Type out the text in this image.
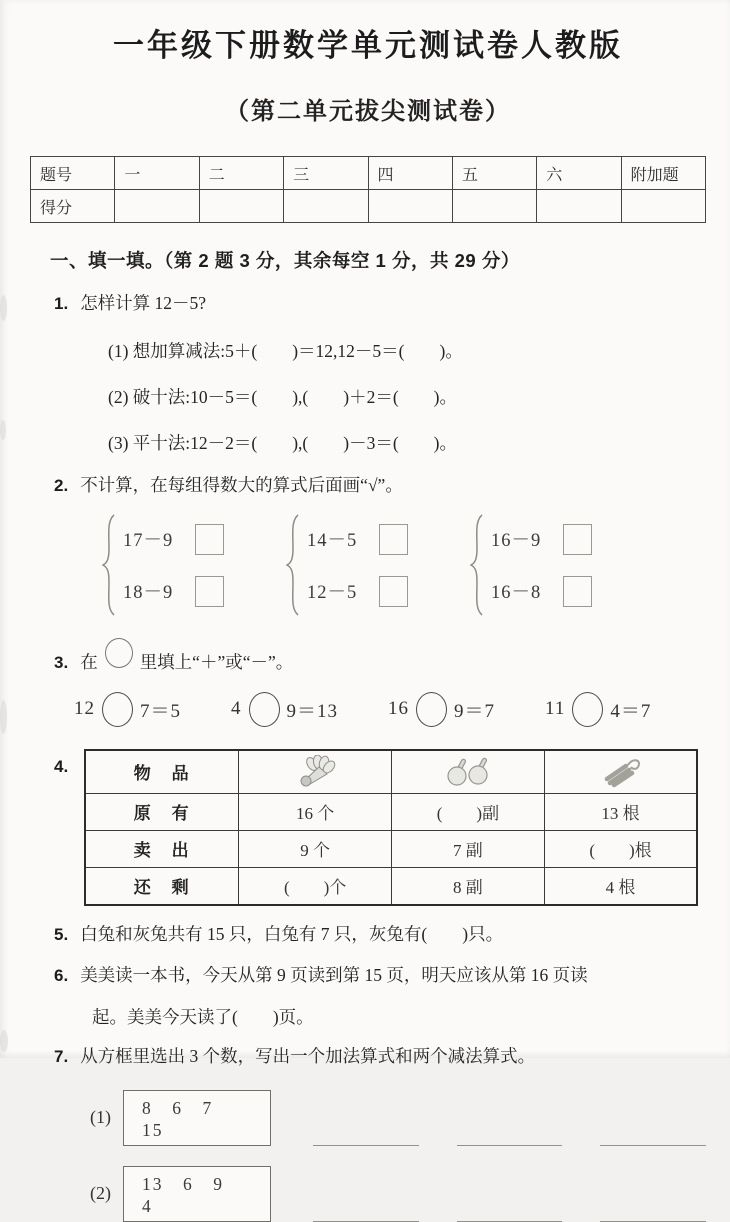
一年级下册数学单元测试卷人教版
（第二单元拔尖测试卷）
题号	一	二	三	四	五	六	附加题
得分							
一、填一填。（第 2 题 3 分，其余每空 1 分，共 29 分）
1. 怎样计算 12－5?
(1) 想加算减法:5＋(　　)＝12,12－5＝(　　)。
(2) 破十法:10－5＝(　　),(　　)＋2＝(　　)。
(3) 平十法:12－2＝(　　),(　　)－3＝(　　)。
2. 不计算，在每组得数大的算式后面画“√”。
17－9
18－9
14－5
12－5
16－9
16－8
3. 在 里填上“＋”或“－”。
12 7＝5	4 9＝13	16 9＝7	11 4＝7
4.	物　品			
原　有	16 个	(　　)副	13 根
卖　出	9 个	7 副	(　　)根
还　剩	(　　)个	8 副	4 根
5. 白兔和灰兔共有 15 只，白兔有 7 只，灰兔有(　　)只。
6. 美美读一本书，今天从第 9 页读到第 15 页，明天应该从第 16 页读
起。美美今天读了(　　)页。
7. 从方框里选出 3 个数，写出一个加法算式和两个减法算式。
(1)	8　6　7　15
(2)	13　6　9　4
